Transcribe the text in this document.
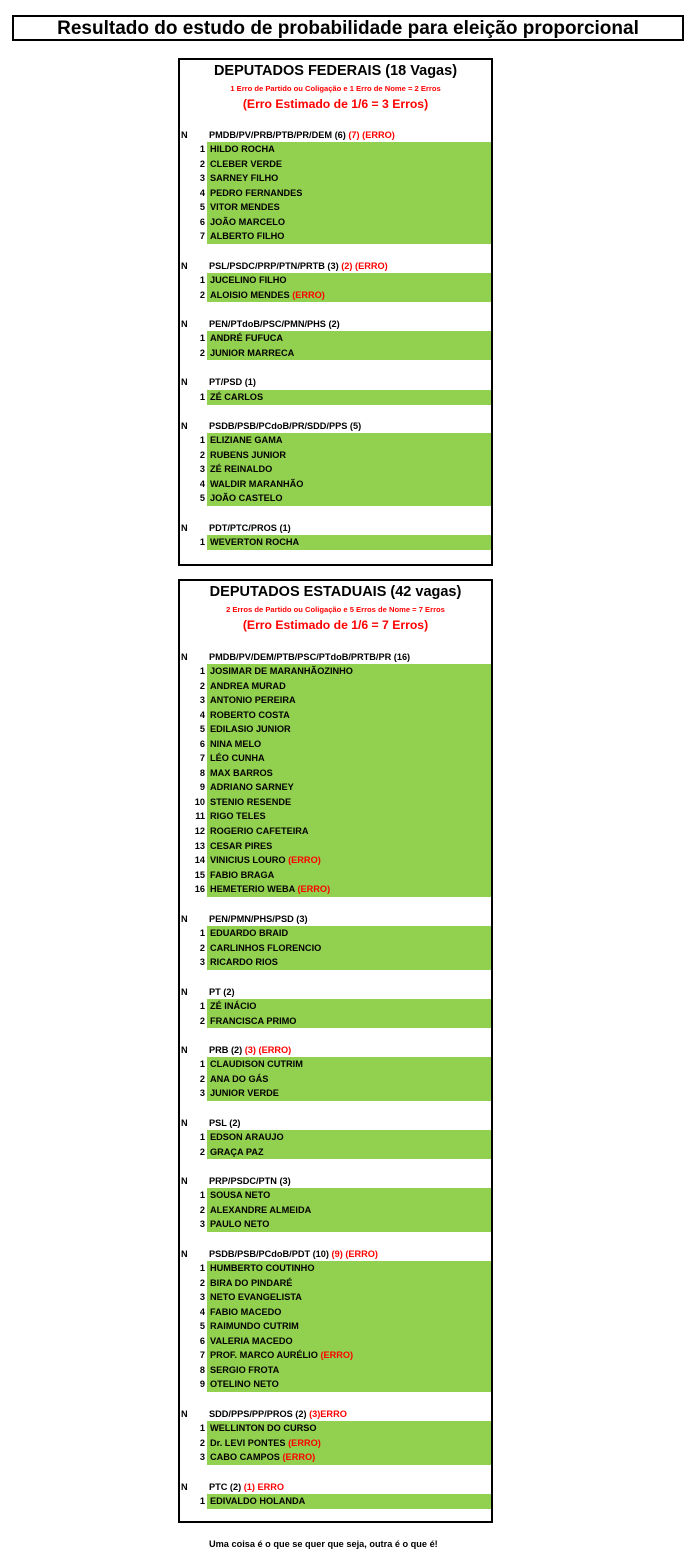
Resultado do estudo de probabilidade para eleição proporcional
DEPUTADOS FEDERAIS (18 Vagas)
1 Erro de Partido ou Coligação e 1 Erro de Nome = 2 Erros
(Erro Estimado de 1/6 = 3 Erros)
N PMDB/PV/PRB/PTB/PR/DEM (6) (7) (ERRO)
1 HILDO ROCHA
2 CLEBER VERDE
3 SARNEY FILHO
4 PEDRO FERNANDES
5 VITOR MENDES
6 JOÃO MARCELO
7 ALBERTO FILHO
N PSL/PSDC/PRP/PTN/PRTB (3) (2) (ERRO)
1 JUCELINO FILHO
2 ALOISIO MENDES (ERRO)
N PEN/PTdoB/PSC/PMN/PHS (2)
1 ANDRÉ FUFUCA
2 JUNIOR MARRECA
N PT/PSD (1)
1 ZÉ CARLOS
N PSDB/PSB/PCdoB/PR/SDD/PPS (5)
1 ELIZIANE GAMA
2 RUBENS JUNIOR
3 ZÉ REINALDO
4 WALDIR MARANHÃO
5 JOÃO CASTELO
N PDT/PTC/PROS (1)
1 WEVERTON ROCHA
DEPUTADOS ESTADUAIS (42 vagas)
2 Erros de Partido ou Coligação e 5 Erros de Nome = 7 Erros
(Erro Estimado de 1/6 = 7 Erros)
N PMDB/PV/DEM/PTB/PSC/PTdoB/PRTB/PR (16)
1 JOSIMAR DE MARANHÃOZINHO
2 ANDREA MURAD
3 ANTONIO PEREIRA
4 ROBERTO COSTA
5 EDILASIO JUNIOR
6 NINA MELO
7 LÉO CUNHA
8 MAX BARROS
9 ADRIANO SARNEY
10 STENIO RESENDE
11 RIGO TELES
12 ROGERIO CAFETEIRA
13 CESAR PIRES
14 VINICIUS LOURO (ERRO)
15 FABIO BRAGA
16 HEMETERIO WEBA (ERRO)
N PEN/PMN/PHS/PSD (3)
1 EDUARDO BRAID
2 CARLINHOS FLORENCIO
3 RICARDO RIOS
N PT (2)
1 ZÉ INÁCIO
2 FRANCISCA PRIMO
N PRB (2) (3) (ERRO)
1 CLAUDISON CUTRIM
2 ANA DO GÁS
3 JUNIOR VERDE
N PSL (2)
1 EDSON ARAUJO
2 GRAÇA PAZ
N PRP/PSDC/PTN (3)
1 SOUSA NETO
2 ALEXANDRE ALMEIDA
3 PAULO NETO
N PSDB/PSB/PCdoB/PDT (10) (9) (ERRO)
1 HUMBERTO COUTINHO
2 BIRA DO PINDARÉ
3 NETO EVANGELISTA
4 FABIO MACEDO
5 RAIMUNDO CUTRIM
6 VALERIA MACEDO
7 PROF. MARCO AURÉLIO (ERRO)
8 SERGIO FROTA
9 OTELINO NETO
N SDD/PPS/PP/PROS (2) (3)ERRO
1 WELLINTON DO CURSO
2 Dr. LEVI PONTES (ERRO)
3 CABO CAMPOS (ERRO)
N PTC (2) (1) ERRO
1 EDIVALDO HOLANDA
Uma coisa é o que se quer que seja, outra é o que é!
